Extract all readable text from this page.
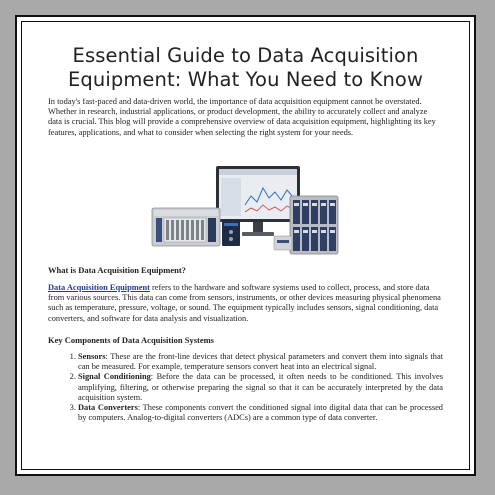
Essential Guide to Data Acquisition
Equipment: What You Need to Know

In today's fast-paced and data-driven world, the importance of data acquisition equipment cannot be overstated. Whether in research, industrial applications, or product development, the ability to accurately collect and analyze data is crucial. This blog will provide a comprehensive overview of data acquisition equipment, highlighting its key features, applications, and what to consider when selecting the right system for your needs.

What is Data Acquisition Equipment?

Data Acquisition Equipment refers to the hardware and software systems used to collect, process, and store data from various sources. This data can come from sensors, instruments, or other devices measuring physical phenomena such as temperature, pressure, voltage, or sound. The equipment typically includes sensors, signal conditioning, data converters, and software for data analysis and visualization.

Key Components of Data Acquisition Systems
1. Sensors: These are the front-line devices that detect physical parameters and convert them into signals that can be measured. For example, temperature sensors convert heat into an electrical signal.
2. Signal Conditioning: Before the data can be processed, it often needs to be conditioned. This involves amplifying, filtering, or otherwise preparing the signal so that it can be accurately interpreted by the data acquisition system.
3. Data Converters: These components convert the conditioned signal into digital data that can be processed by computers. Analog-to-digital converters (ADCs) are a common type of data converter.
